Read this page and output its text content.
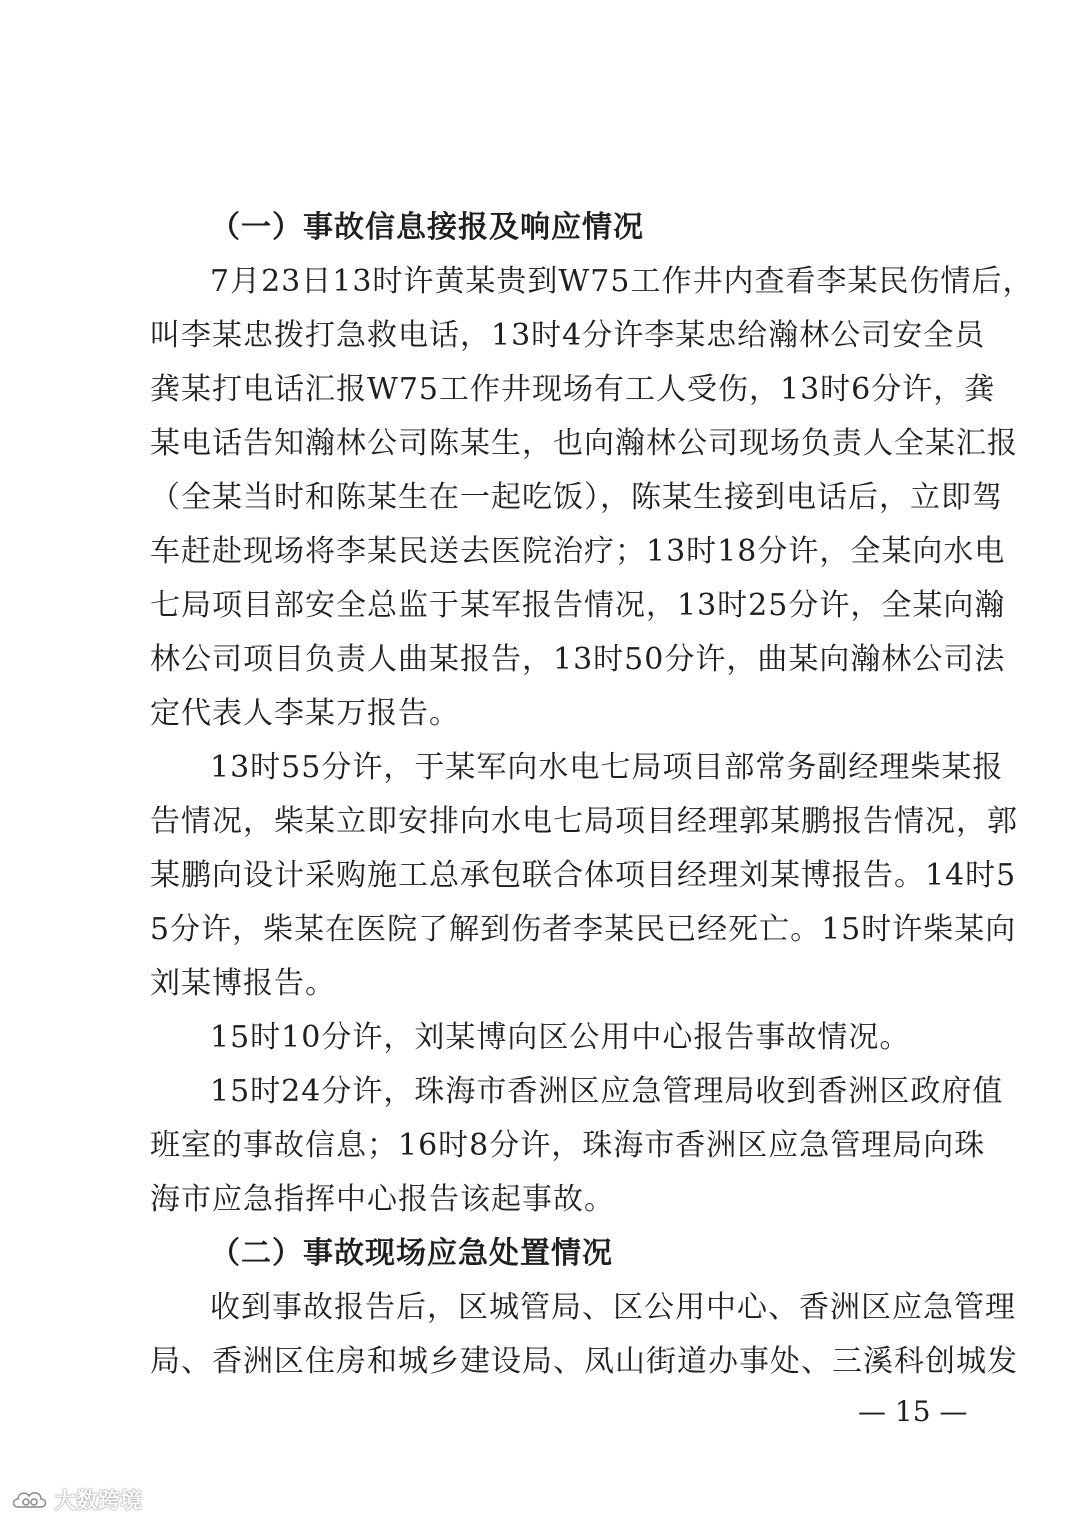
（一）事故信息接报及响应情况
7月23日13时许黄某贵到W75工作井内查看李某民伤情后，
叫李某忠拨打急救电话，13时4分许李某忠给瀚林公司安全员
龚某打电话汇报W75工作井现场有工人受伤，13时6分许，龚
某电话告知瀚林公司陈某生，也向瀚林公司现场负责人全某汇报
（全某当时和陈某生在一起吃饭），陈某生接到电话后，立即驾
车赶赴现场将李某民送去医院治疗；13时18分许，全某向水电
七局项目部安全总监于某军报告情况，13时25分许，全某向瀚
林公司项目负责人曲某报告，13时50分许，曲某向瀚林公司法
定代表人李某万报告。
13时55分许，于某军向水电七局项目部常务副经理柴某报
告情况，柴某立即安排向水电七局项目经理郭某鹏报告情况，郭
某鹏向设计采购施工总承包联合体项目经理刘某博报告。14时5
5分许，柴某在医院了解到伤者李某民已经死亡。15时许柴某向
刘某博报告。
15时10分许，刘某博向区公用中心报告事故情况。
15时24分许，珠海市香洲区应急管理局收到香洲区政府值
班室的事故信息；16时8分许，珠海市香洲区应急管理局向珠
海市应急指挥中心报告该起事故。
（二）事故现场应急处置情况
收到事故报告后，区城管局、区公用中心、香洲区应急管理
局、香洲区住房和城乡建设局、凤山街道办事处、三溪科创城发
— 15 —
大数跨境
